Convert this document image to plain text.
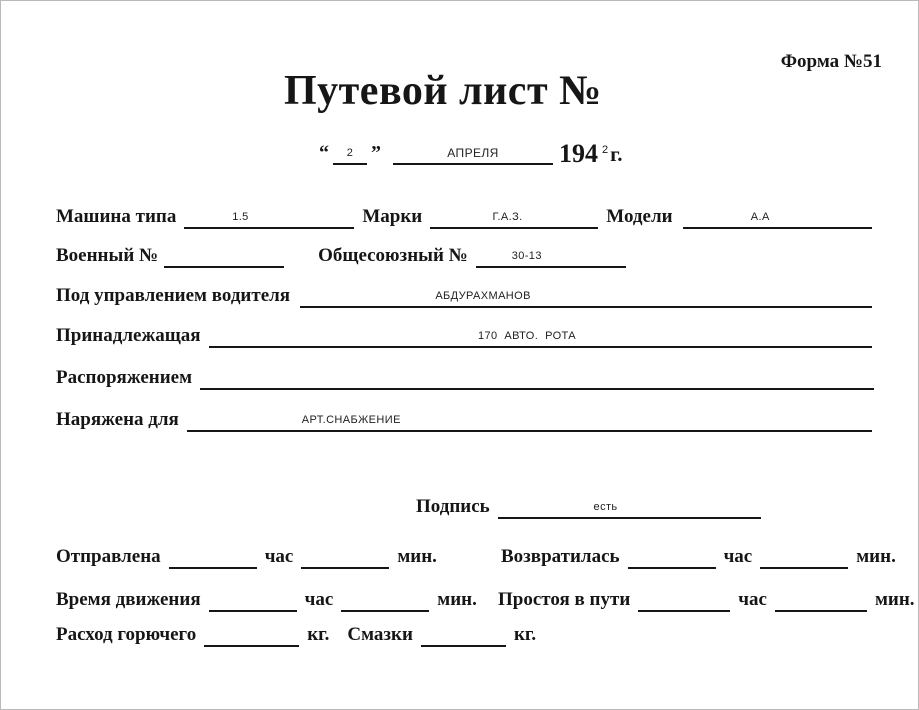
Форма №51
Путевой лист №
“ 2 ”	АПРЕЛЯ 194 2 г.
Машина типа	1.5	Марки	Г.А.З.	Модели	А.А
Военный №	Общесоюзный №	30-13
Под управлением водителя	АБДУРАХМАНОВ
Принадлежащая	170  АВТО.  РОТА
Распоряжением
Наряжена для	АРТ.СНАБЖЕНИЕ
Подпись	есть
Отправлена	час	мин.	Возвратилась	час	мин.
Время движения	час	мин. Простоя в пути	час	мин.
Расход горючего	кг. Смазки	кг.
